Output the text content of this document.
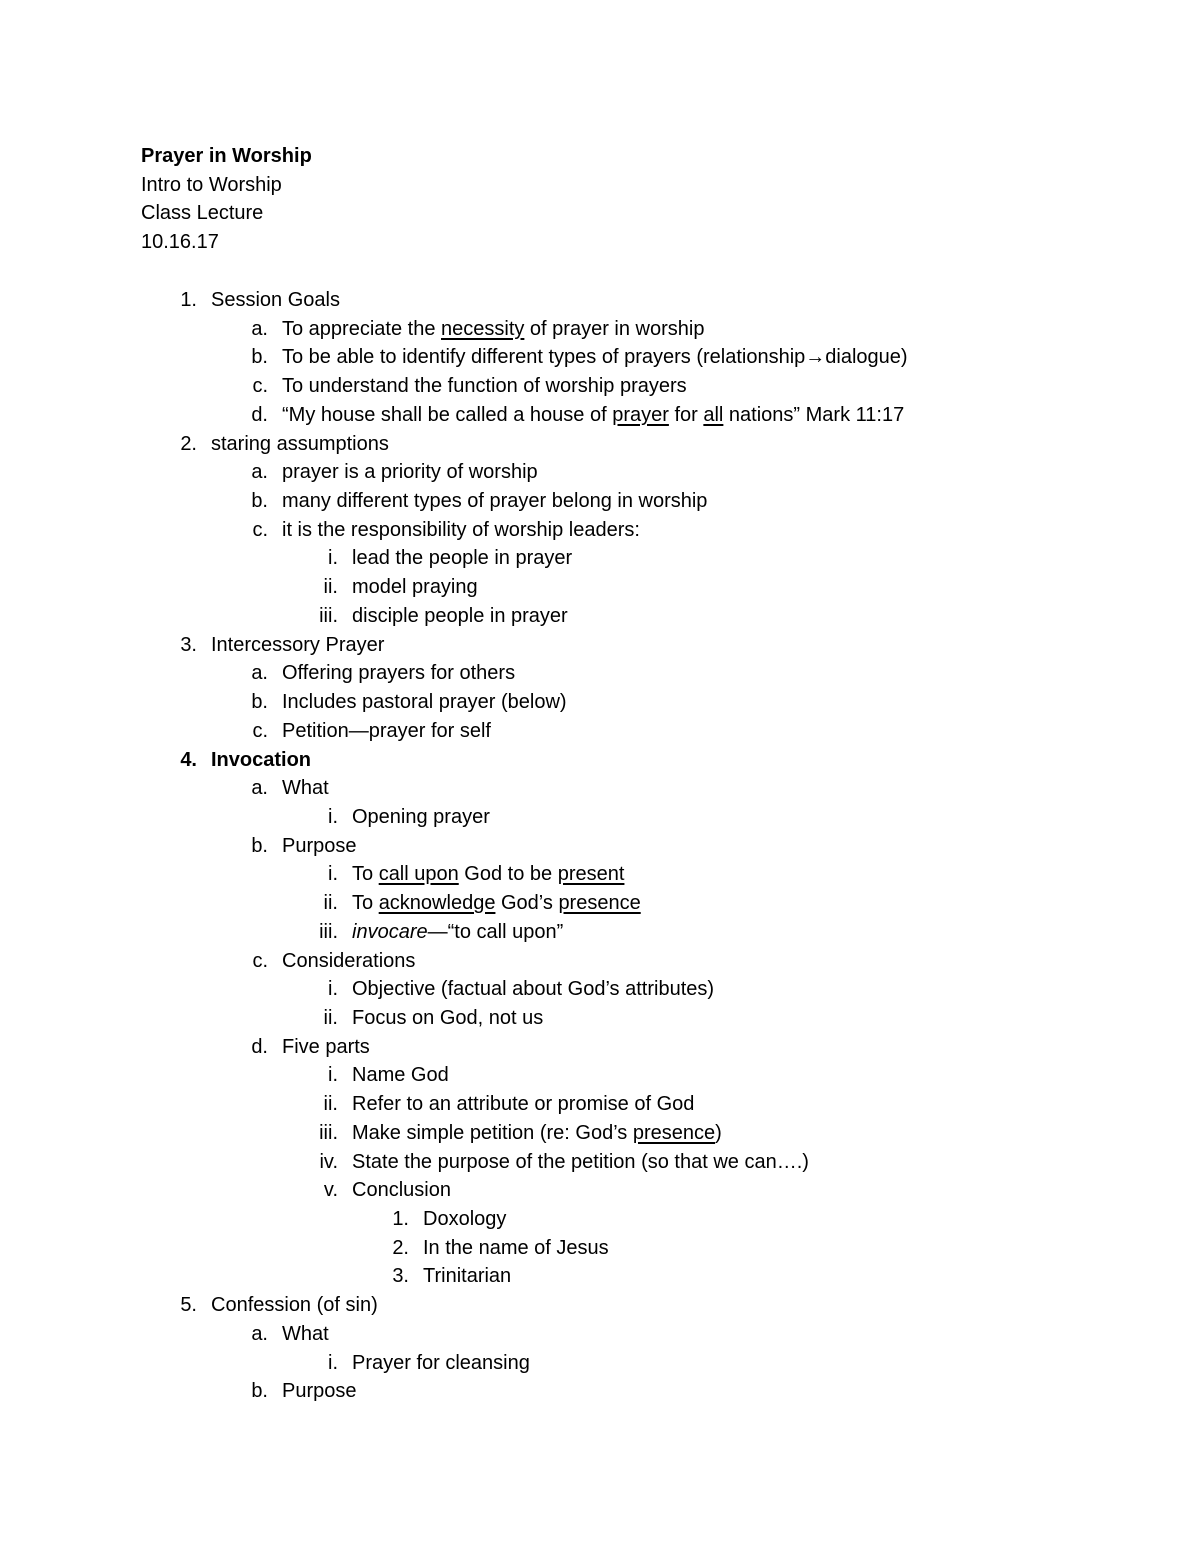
Prayer in Worship
Intro to Worship
Class Lecture
10.16.17
1. Session Goals
a. To appreciate the necessity of prayer in worship
b. To be able to identify different types of prayers (relationship→dialogue)
c. To understand the function of worship prayers
d. “My house shall be called a house of prayer for all nations” Mark 11:17
2. staring assumptions
a. prayer is a priority of worship
b. many different types of prayer belong in worship
c. it is the responsibility of worship leaders:
i. lead the people in prayer
ii. model praying
iii. disciple people in prayer
3. Intercessory Prayer
a. Offering prayers for others
b. Includes pastoral prayer (below)
c. Petition—prayer for self
4. Invocation
a. What
i. Opening prayer
b. Purpose
i. To call upon God to be present
ii. To acknowledge God’s presence
iii. invocare—“to call upon”
c. Considerations
i. Objective (factual about God’s attributes)
ii. Focus on God, not us
d. Five parts
i. Name God
ii. Refer to an attribute or promise of God
iii. Make simple petition (re: God’s presence)
iv. State the purpose of the petition (so that we can….)
v. Conclusion
1. Doxology
2. In the name of Jesus
3. Trinitarian
5. Confession (of sin)
a. What
i. Prayer for cleansing
b. Purpose
